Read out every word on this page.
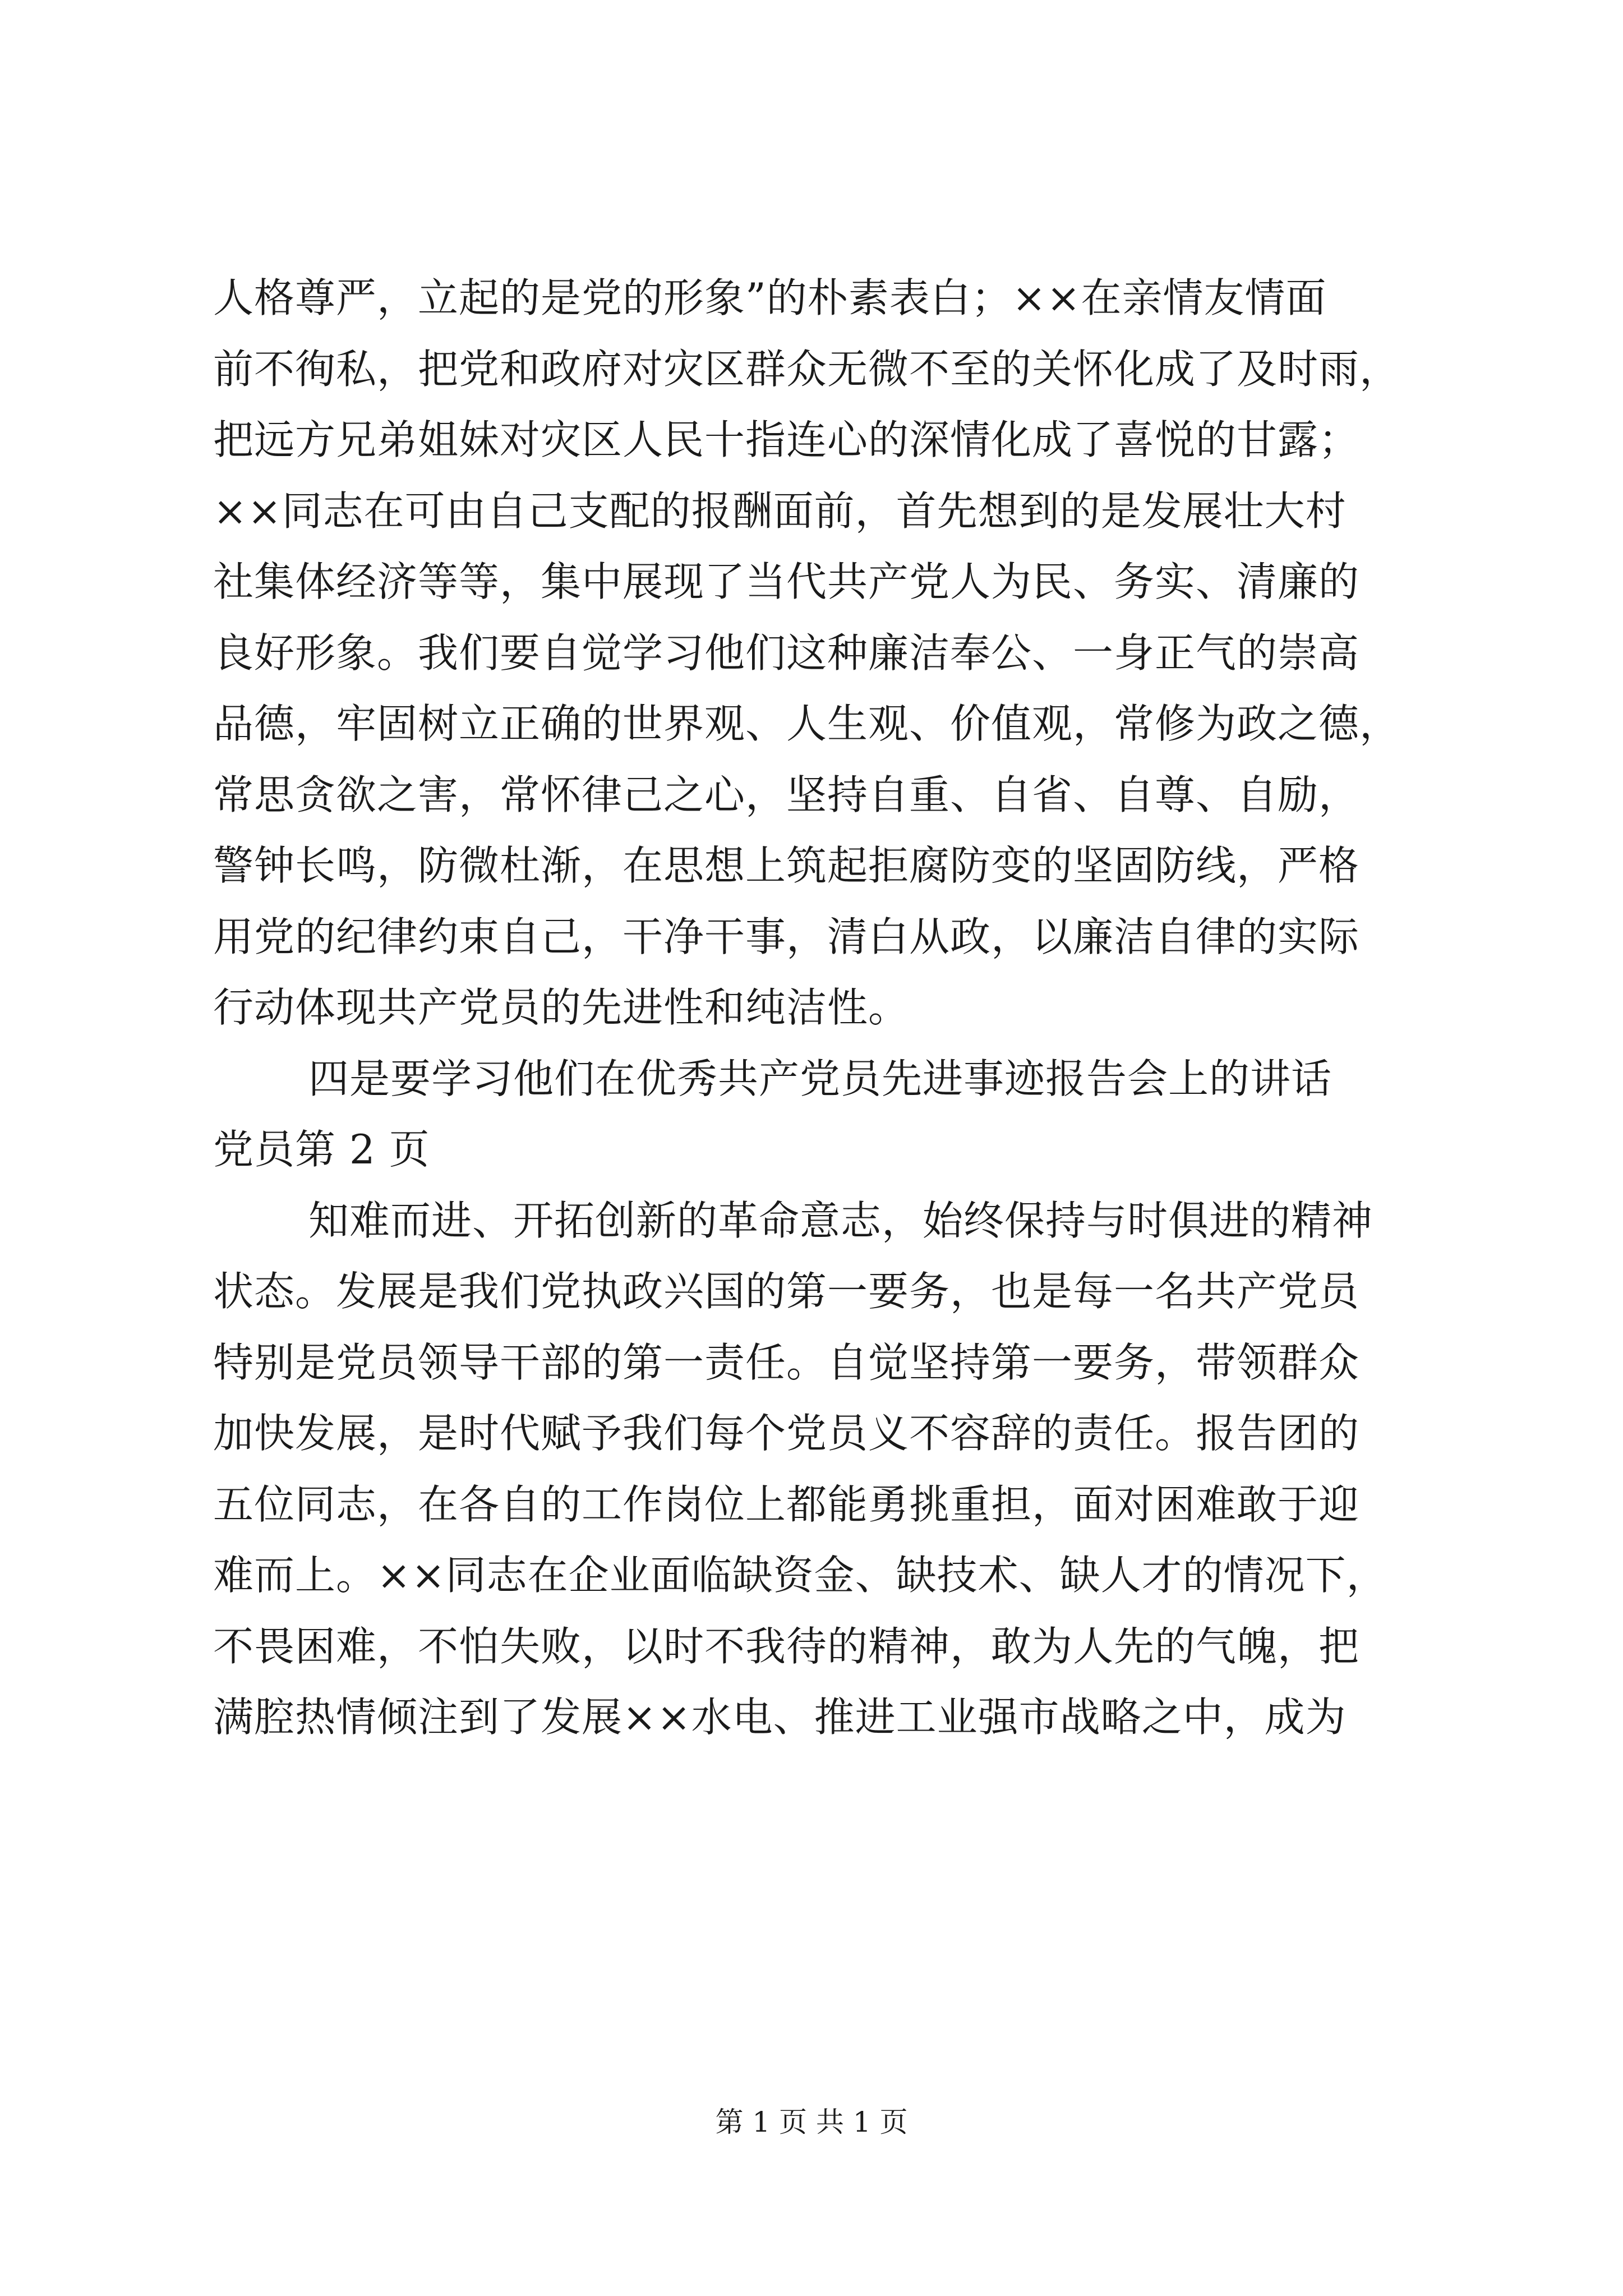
人格尊严，立起的是党的形象”的朴素表白；××在亲情友情面
前不徇私，把党和政府对灾区群众无微不至的关怀化成了及时雨，
把远方兄弟姐妹对灾区人民十指连心的深情化成了喜悦的甘露；
××同志在可由自己支配的报酬面前，首先想到的是发展壮大村
社集体经济等等，集中展现了当代共产党人为民、务实、清廉的
良好形象。我们要自觉学习他们这种廉洁奉公、一身正气的崇高
品德，牢固树立正确的世界观、人生观、价值观，常修为政之德，
常思贪欲之害，常怀律己之心，坚持自重、自省、自尊、自励，
警钟长鸣，防微杜渐，在思想上筑起拒腐防变的坚固防线，严格
用党的纪律约束自己，干净干事，清白从政，以廉洁自律的实际
行动体现共产党员的先进性和纯洁性。
四是要学习他们在优秀共产党员先进事迹报告会上的讲话
党员第 2 页
知难而进、开拓创新的革命意志，始终保持与时俱进的精神
状态。发展是我们党执政兴国的第一要务，也是每一名共产党员
特别是党员领导干部的第一责任。自觉坚持第一要务，带领群众
加快发展，是时代赋予我们每个党员义不容辞的责任。报告团的
五位同志，在各自的工作岗位上都能勇挑重担，面对困难敢于迎
难而上。××同志在企业面临缺资金、缺技术、缺人才的情况下，
不畏困难，不怕失败，以时不我待的精神，敢为人先的气魄，把
满腔热情倾注到了发展××水电、推进工业强市战略之中，成为
第 1 页 共 1 页
